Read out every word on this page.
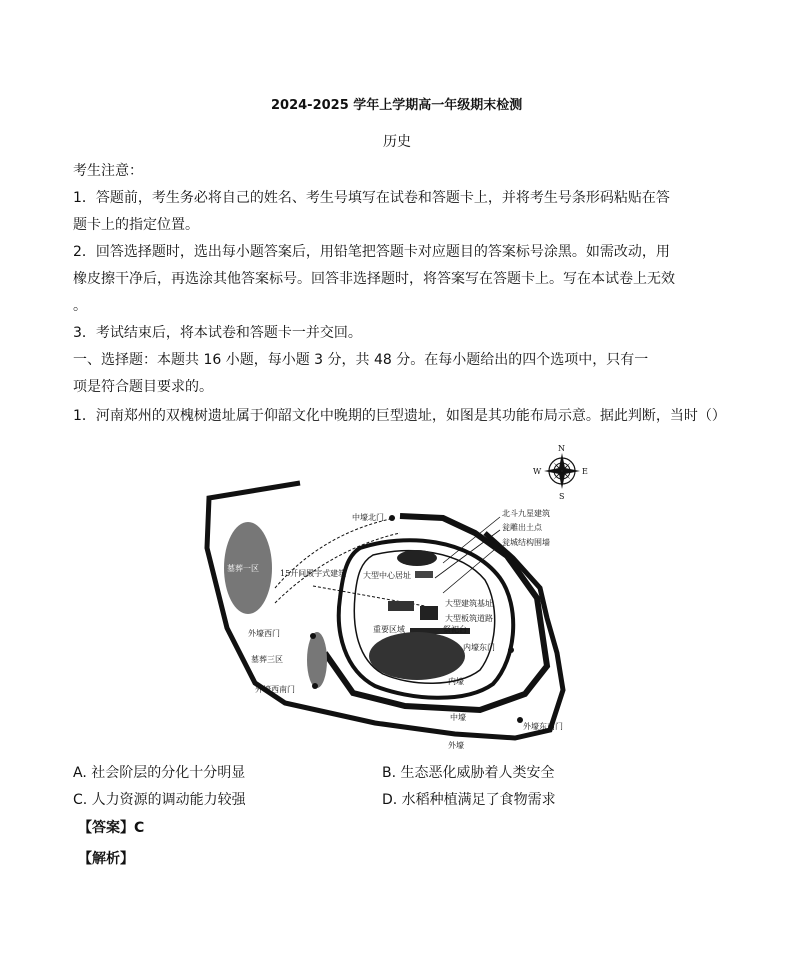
2024-2025 学年上学期高一年级期末检测
历史
考生注意：
1．答题前，考生务必将自己的姓名、考生号填写在试卷和答题卡上，并将考生号条形码粘贴在答
题卡上的指定位置。
2．回答选择题时，选出每小题答案后，用铅笔把答题卡对应题目的答案标号涂黑。如需改动，用
橡皮擦干净后，再选涂其他答案标号。回答非选择题时，将答案写在答题卡上。写在本试卷上无效
。
3．考试结束后，将本试卷和答题卡一并交回。
一、选择题：本题共 16 小题，每小题 3 分，共 48 分。在每小题给出的四个选项中，只有一
项是符合题目要求的。
1．河南郑州的双槐树遗址属于仰韶文化中晚期的巨型遗址，如图是其功能布局示意。据此判断，当时（）
N
S
E
W
墓葬一区
中壕北门	北斗九星建筑
瓮雕出土点
瓮城结构围墙
15开间殿宇式建筑 大型中心居址
大型建筑基址
大型板筑道路
重要区域	祭祀台
内壕东门
内壕
外壕西门
墓葬三区
外壕西南门
中壕
外壕东南门
外壕
A. 社会阶层的分化十分明显	B. 生态恶化威胁着人类安全
C. 人力资源的调动能力较强	D. 水稻种植满足了食物需求
【答案】C
【解析】
